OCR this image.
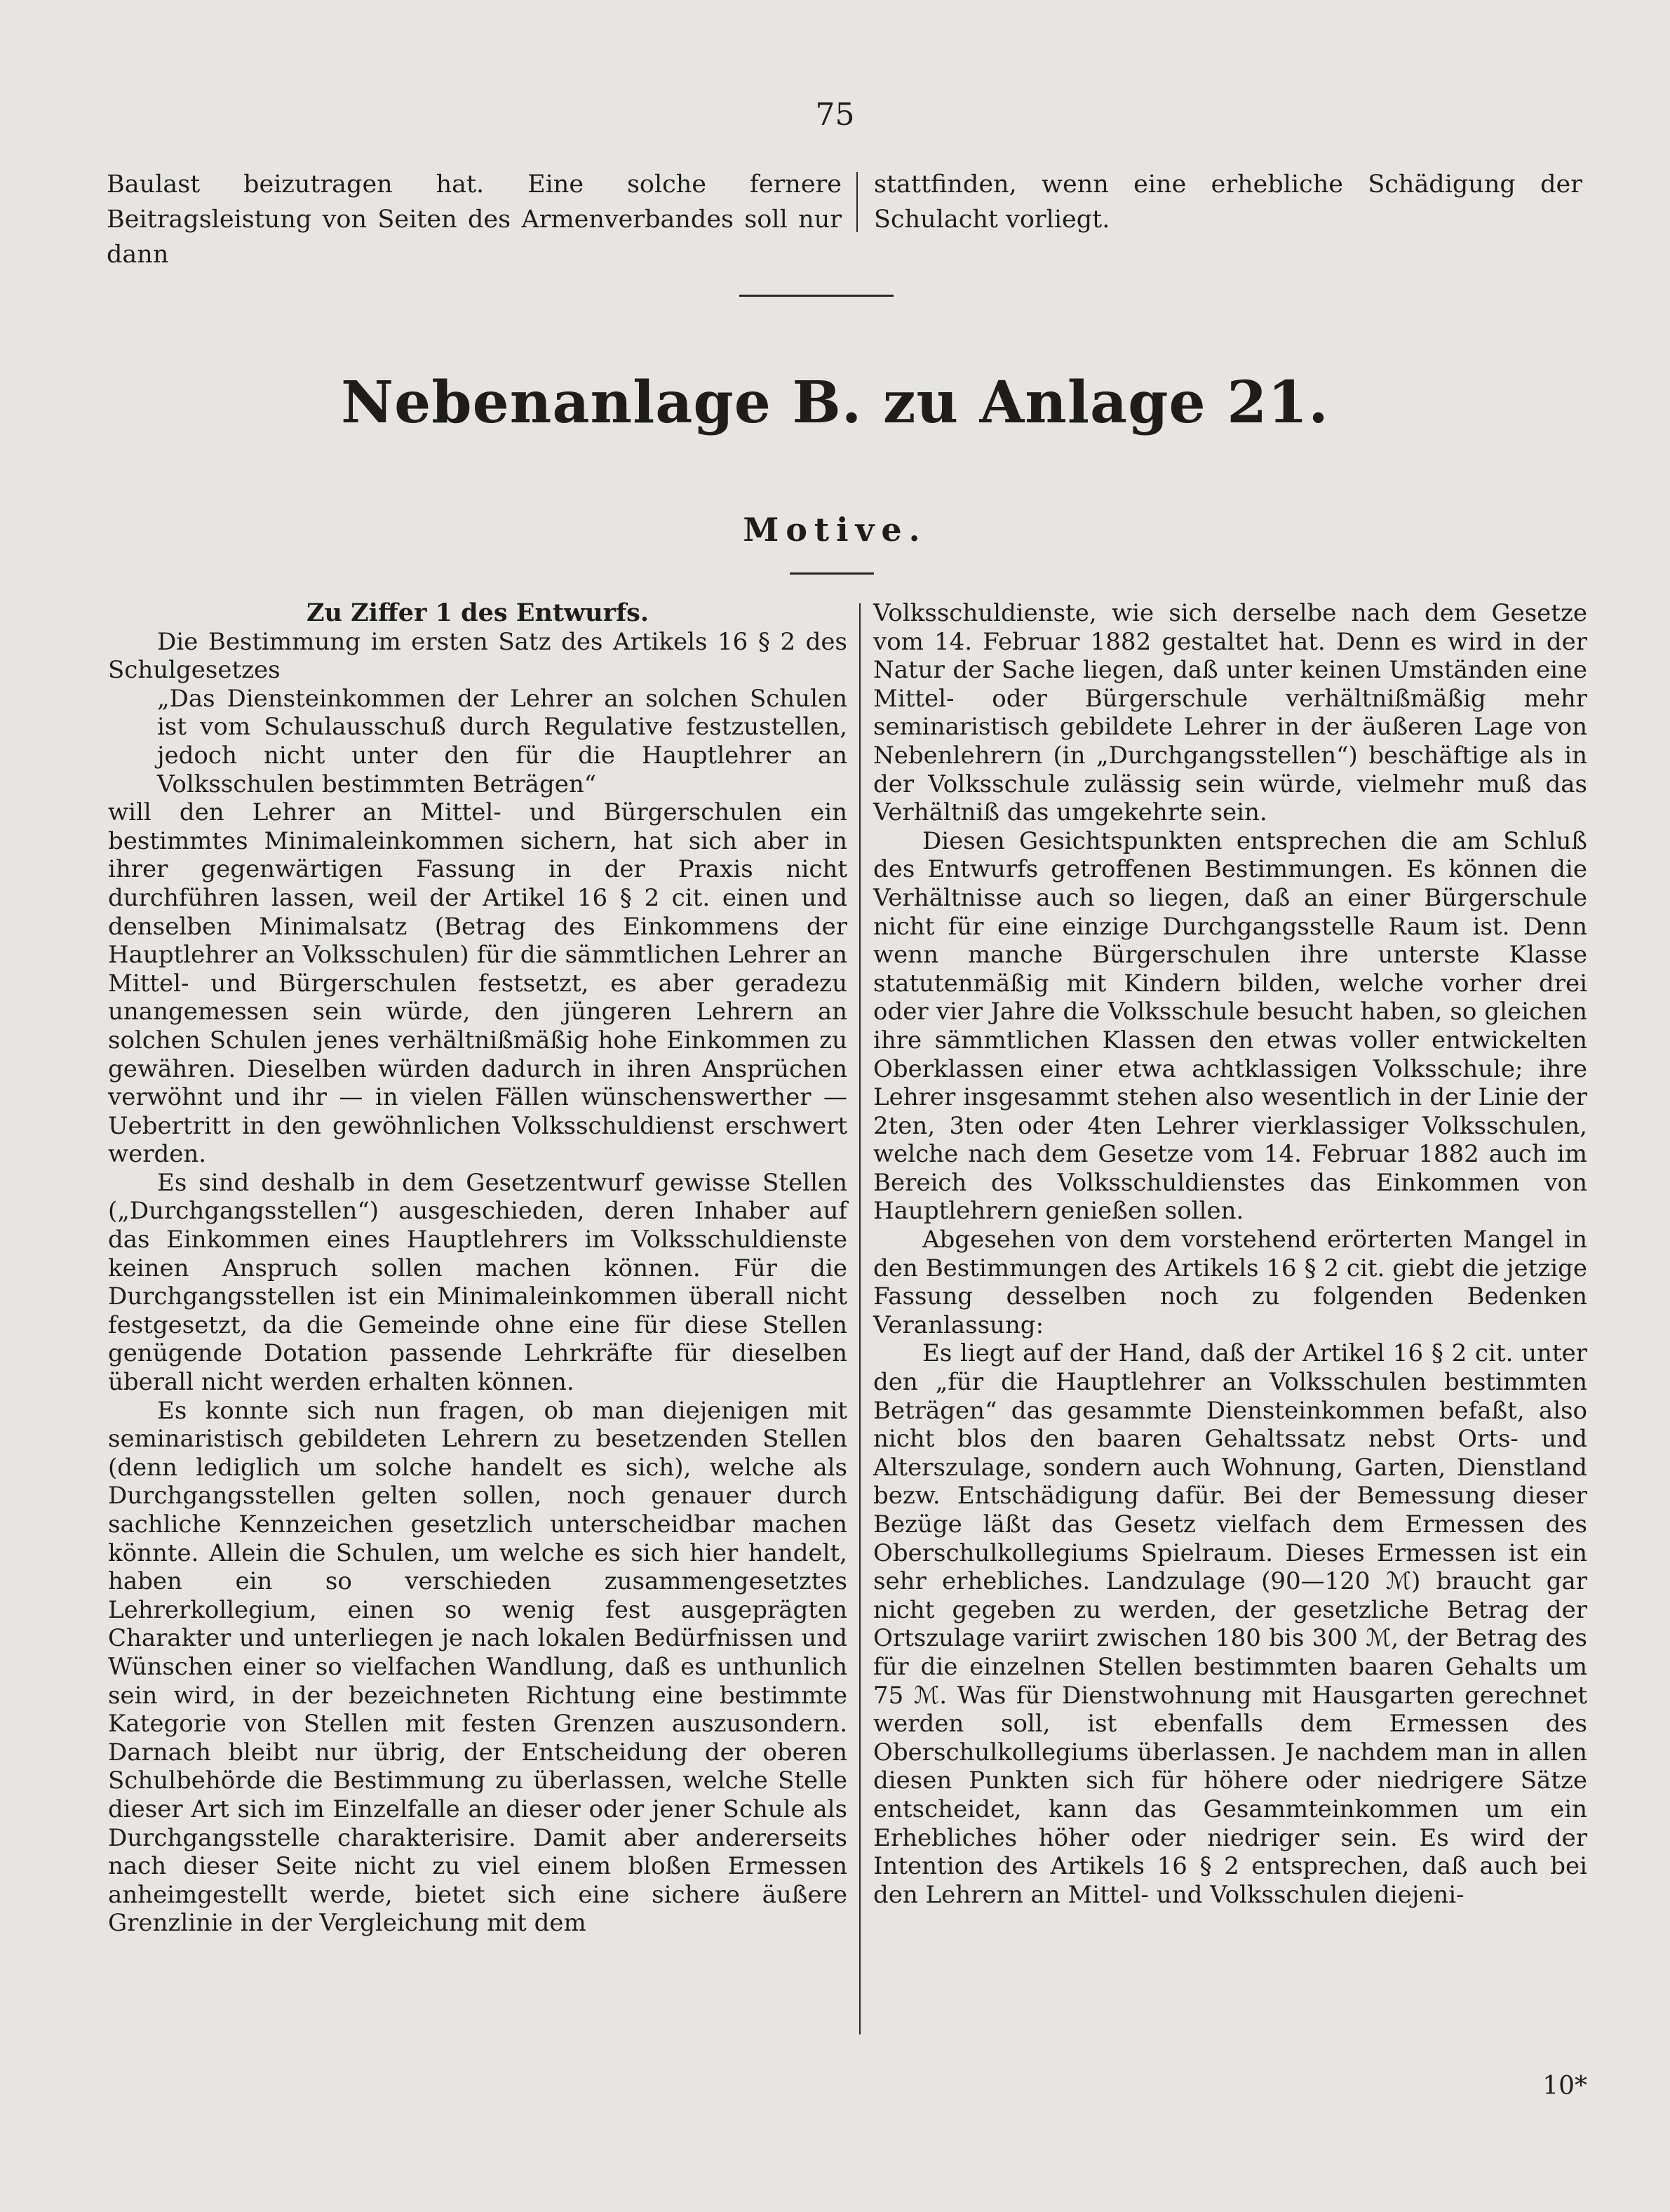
75
Baulast beizutragen hat. Eine solche fernere Beitragsleistung von Seiten des Armenverbandes soll nur dann
stattfinden, wenn eine erhebliche Schädigung der Schulacht vorliegt.
Nebenanlage B. zu Anlage 21.
Motive.
Zu Ziffer 1 des Entwurfs.

Die Bestimmung im ersten Satz des Artikels 16 § 2 des Schulgesetzes

„Das Diensteinkommen der Lehrer an solchen Schulen ist vom Schulausschuß durch Regulative festzustellen, jedoch nicht unter den für die Hauptlehrer an Volksschulen bestimmten Beträgen“

will den Lehrer an Mittel- und Bürgerschulen ein bestimmtes Minimaleinkommen sichern, hat sich aber in ihrer gegenwärtigen Fassung in der Praxis nicht durchführen lassen, weil der Artikel 16 § 2 cit. einen und denselben Minimalsatz (Betrag des Einkommens der Hauptlehrer an Volksschulen) für die sämmtlichen Lehrer an Mittel- und Bürgerschulen festsetzt, es aber geradezu unangemessen sein würde, den jüngeren Lehrern an solchen Schulen jenes verhältnißmäßig hohe Einkommen zu gewähren. Dieselben würden dadurch in ihren Ansprüchen verwöhnt und ihr — in vielen Fällen wünschenswerther — Uebertritt in den gewöhnlichen Volksschuldienst erschwert werden.

Es sind deshalb in dem Gesetzentwurf gewisse Stellen („Durchgangsstellen“) ausgeschieden, deren Inhaber auf das Einkommen eines Hauptlehrers im Volksschuldienste keinen Anspruch sollen machen können. Für die Durchgangsstellen ist ein Minimaleinkommen überall nicht festgesetzt, da die Gemeinde ohne eine für diese Stellen genügende Dotation passende Lehrkräfte für dieselben überall nicht werden erhalten können.

Es konnte sich nun fragen, ob man diejenigen mit seminaristisch gebildeten Lehrern zu besetzenden Stellen (denn lediglich um solche handelt es sich), welche als Durchgangsstellen gelten sollen, noch genauer durch sachliche Kennzeichen gesetzlich unterscheidbar machen könnte. Allein die Schulen, um welche es sich hier handelt, haben ein so verschieden zusammengesetztes Lehrerkollegium, einen so wenig fest ausgeprägten Charakter und unterliegen je nach lokalen Bedürfnissen und Wünschen einer so vielfachen Wandlung, daß es unthunlich sein wird, in der bezeichneten Richtung eine bestimmte Kategorie von Stellen mit festen Grenzen auszusondern. Darnach bleibt nur übrig, der Entscheidung der oberen Schulbehörde die Bestimmung zu überlassen, welche Stelle dieser Art sich im Einzelfalle an dieser oder jener Schule als Durchgangsstelle charakterisire. Damit aber andererseits nach dieser Seite nicht zu viel einem bloßen Ermessen anheimgestellt werde, bietet sich eine sichere äußere Grenzlinie in der Vergleichung mit dem

Volksschuldienste, wie sich derselbe nach dem Gesetze vom 14. Februar 1882 gestaltet hat. Denn es wird in der Natur der Sache liegen, daß unter keinen Umständen eine Mittel- oder Bürgerschule verhältnißmäßig mehr seminaristisch gebildete Lehrer in der äußeren Lage von Nebenlehrern (in „Durchgangsstellen“) beschäftige als in der Volksschule zulässig sein würde, vielmehr muß das Verhältniß das umgekehrte sein.

Diesen Gesichtspunkten entsprechen die am Schluß des Entwurfs getroffenen Bestimmungen. Es können die Verhältnisse auch so liegen, daß an einer Bürgerschule nicht für eine einzige Durchgangsstelle Raum ist. Denn wenn manche Bürgerschulen ihre unterste Klasse statutenmäßig mit Kindern bilden, welche vorher drei oder vier Jahre die Volksschule besucht haben, so gleichen ihre sämmtlichen Klassen den etwas voller entwickelten Oberklassen einer etwa achtklassigen Volksschule; ihre Lehrer insgesammt stehen also wesentlich in der Linie der 2ten, 3ten oder 4ten Lehrer vierklassiger Volksschulen, welche nach dem Gesetze vom 14. Februar 1882 auch im Bereich des Volksschuldienstes das Einkommen von Hauptlehrern genießen sollen.

Abgesehen von dem vorstehend erörterten Mangel in den Bestimmungen des Artikels 16 § 2 cit. giebt die jetzige Fassung desselben noch zu folgenden Bedenken Veranlassung:

Es liegt auf der Hand, daß der Artikel 16 § 2 cit. unter den „für die Hauptlehrer an Volksschulen bestimmten Beträgen“ das gesammte Diensteinkommen befaßt, also nicht blos den baaren Gehaltssatz nebst Orts- und Alterszulage, sondern auch Wohnung, Garten, Dienstland bezw. Entschädigung dafür. Bei der Bemessung dieser Bezüge läßt das Gesetz vielfach dem Ermessen des Oberschulkollegiums Spielraum. Dieses Ermessen ist ein sehr erhebliches. Landzulage (90—120 ℳ) braucht gar nicht gegeben zu werden, der gesetzliche Betrag der Ortszulage variirt zwischen 180 bis 300 ℳ, der Betrag des für die einzelnen Stellen bestimmten baaren Gehalts um 75 ℳ. Was für Dienstwohnung mit Hausgarten gerechnet werden soll, ist ebenfalls dem Ermessen des Oberschulkollegiums überlassen. Je nachdem man in allen diesen Punkten sich für höhere oder niedrigere Sätze entscheidet, kann das Gesammteinkommen um ein Erhebliches höher oder niedriger sein. Es wird der Intention des Artikels 16 § 2 entsprechen, daß auch bei den Lehrern an Mittel- und Volksschulen diejeni-

10*
